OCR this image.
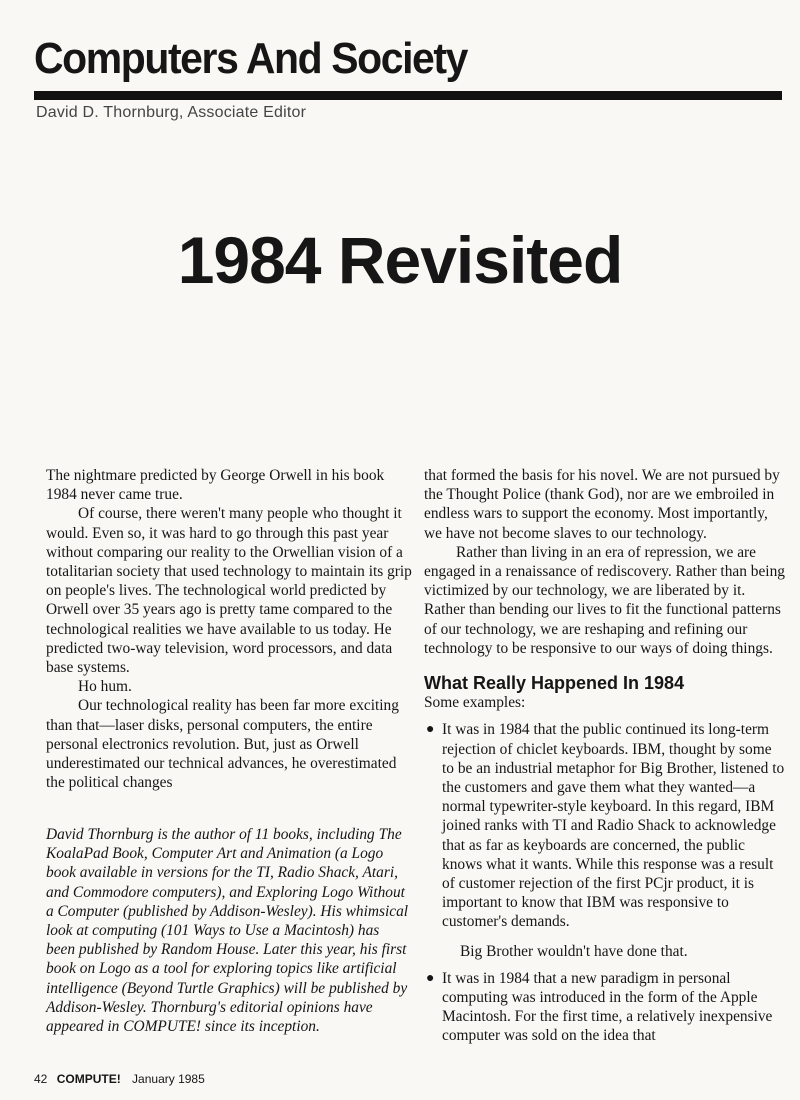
Computers And Society
David D. Thornburg, Associate Editor
1984 Revisited

The nightmare predicted by George Orwell in his book 1984 never came true.

Of course, there weren't many people who thought it would. Even so, it was hard to go through this past year without comparing our reality to the Orwellian vision of a totalitarian society that used technology to maintain its grip on people's lives. The technological world predicted by Orwell over 35 years ago is pretty tame compared to the technological realities we have available to us today. He predicted two-way television, word processors, and data base systems.

Ho hum.

Our technological reality has been far more exciting than that—laser disks, personal computers, the entire personal electronics revolution. But, just as Orwell underestimated our technical advances, he overestimated the political changes

that formed the basis for his novel. We are not pursued by the Thought Police (thank God), nor are we embroiled in endless wars to support the economy. Most importantly, we have not become slaves to our technology.

Rather than living in an era of repression, we are engaged in a renaissance of rediscovery. Rather than being victimized by our technology, we are liberated by it. Rather than bending our lives to fit the functional patterns of our technology, we are reshaping and refining our technology to be responsive to our ways of doing things.

What Really Happened In 1984

Some examples:

● It was in 1984 that the public continued its long-term rejection of chiclet keyboards. IBM, thought by some to be an industrial metaphor for Big Brother, listened to the customers and gave them what they wanted—a normal typewriter-style keyboard. In this regard, IBM joined ranks with TI and Radio Shack to acknowledge that as far as keyboards are concerned, the public knows what it wants. While this response was a result of customer rejection of the first PCjr product, it is important to know that IBM was responsive to customer's demands.

Big Brother wouldn't have done that.

● It was in 1984 that a new paradigm in personal computing was introduced in the form of the Apple Macintosh. For the first time, a relatively inexpensive computer was sold on the idea that
David Thornburg is the author of 11 books, including The KoalaPad Book, Computer Art and Animation (a Logo book available in versions for the TI, Radio Shack, Atari, and Commodore computers), and Exploring Logo Without a Computer (published by Addison-Wesley). His whimsical look at computing (101 Ways to Use a Macintosh) has been published by Random House. Later this year, his first book on Logo as a tool for exploring topics like artificial intelligence (Beyond Turtle Graphics) will be published by Addison-Wesley. Thornburg's editorial opinions have appeared in COMPUTE! since its inception.
42 COMPUTE! January 1985
